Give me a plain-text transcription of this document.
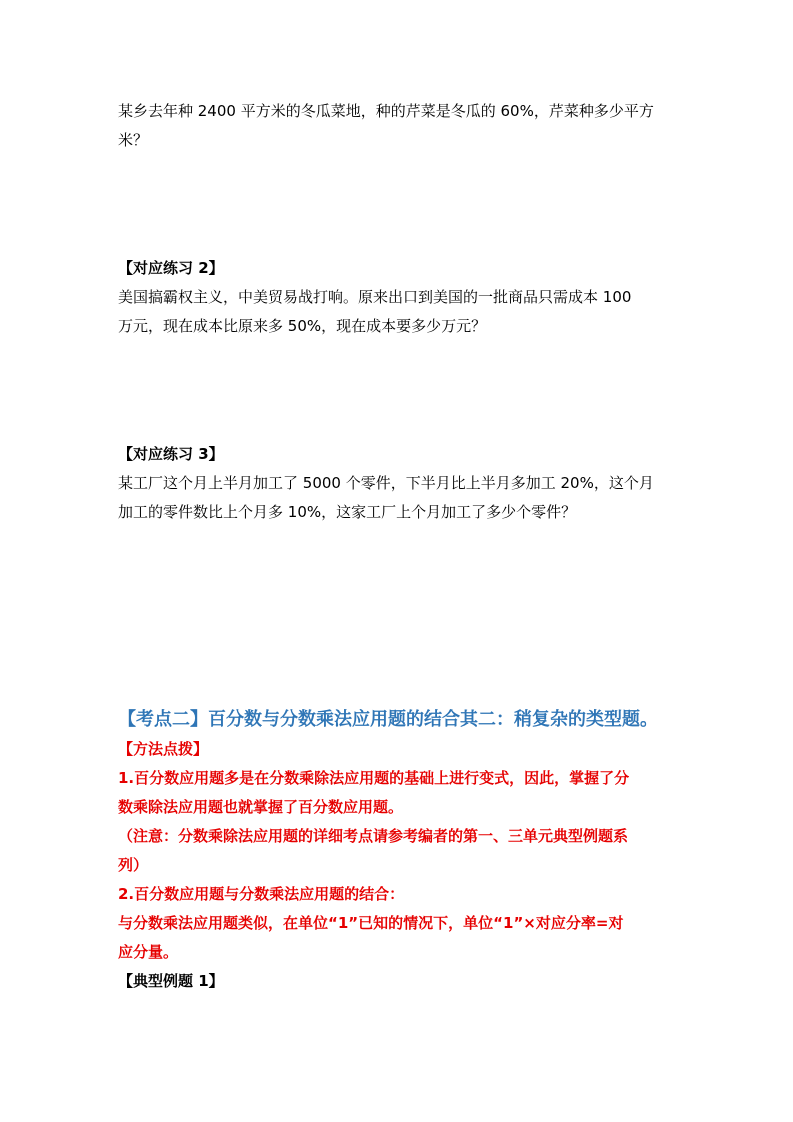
某乡去年种 2400 平方米的冬瓜菜地，种的芹菜是冬瓜的 60%，芹菜种多少平方
米？

【对应练习 2】

美国搞霸权主义，中美贸易战打响。原来出口到美国的一批商品只需成本 100
万元，现在成本比原来多 50%，现在成本要多少万元？

【对应练习 3】

某工厂这个月上半月加工了 5000 个零件，下半月比上半月多加工 20%，这个月
加工的零件数比上个月多 10%，这家工厂上个月加工了多少个零件？

【考点二】百分数与分数乘法应用题的结合其二：稍复杂的类型题。

【方法点拨】

1.百分数应用题多是在分数乘除法应用题的基础上进行变式，因此，掌握了分
数乘除法应用题也就掌握了百分数应用题。

（注意：分数乘除法应用题的详细考点请参考编者的第一、三单元典型例题系
列）

2.百分数应用题与分数乘法应用题的结合：

与分数乘法应用题类似，在单位“1”已知的情况下，单位“1”×对应分率=对
应分量。

【典型例题 1】
